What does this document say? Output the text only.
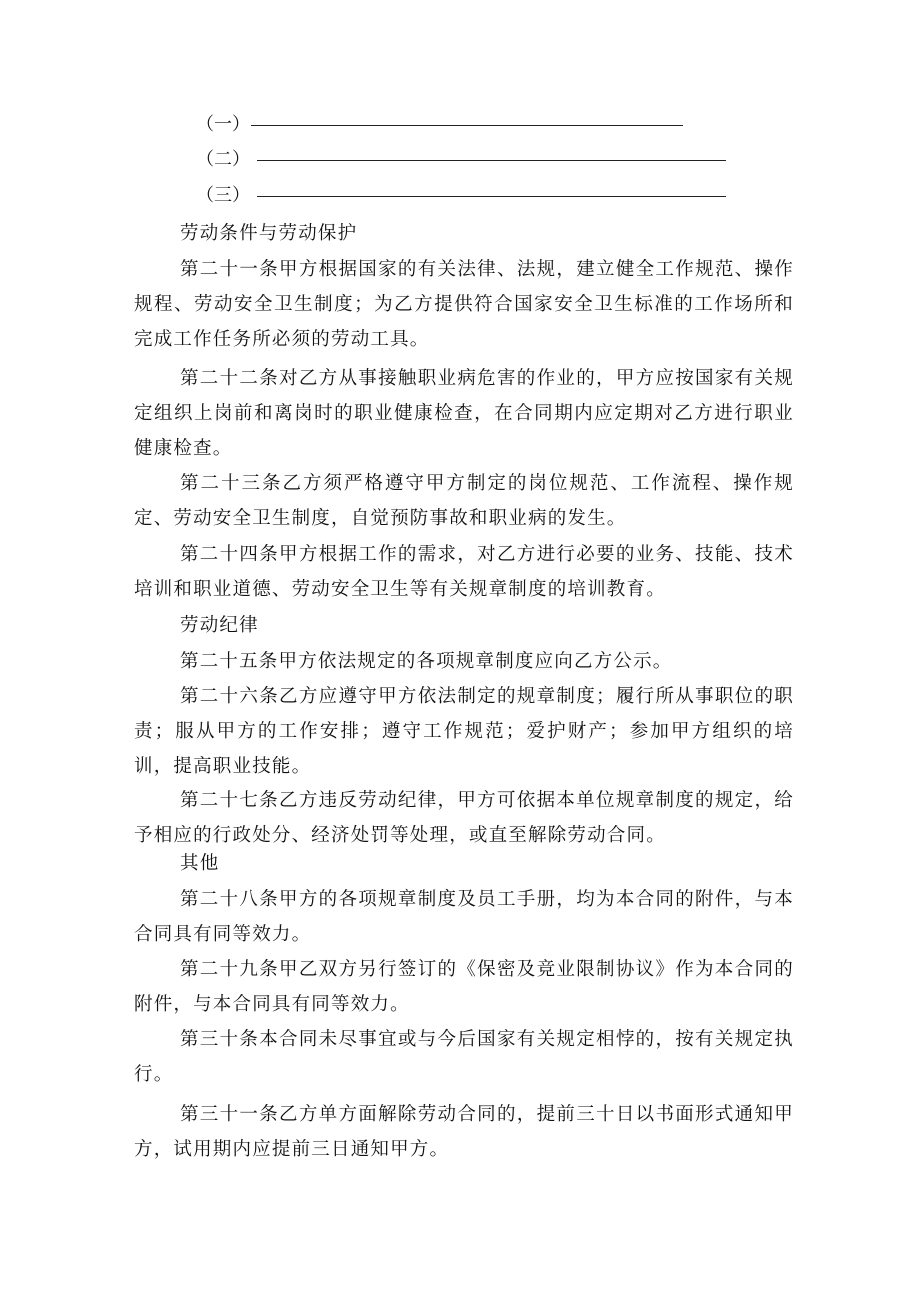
（一）
（二）
（三）

劳动条件与劳动保护

第二十一条甲方根据国家的有关法律、法规，建立健全工作规范、操作规程、劳动安全卫生制度；为乙方提供符合国家安全卫生标准的工作场所和完成工作任务所必须的劳动工具。

第二十二条对乙方从事接触职业病危害的作业的，甲方应按国家有关规定组织上岗前和离岗时的职业健康检查，在合同期内应定期对乙方进行职业健康检查。

第二十三条乙方须严格遵守甲方制定的岗位规范、工作流程、操作规定、劳动安全卫生制度，自觉预防事故和职业病的发生。

第二十四条甲方根据工作的需求，对乙方进行必要的业务、技能、技术培训和职业道德、劳动安全卫生等有关规章制度的培训教育。

劳动纪律

第二十五条甲方依法规定的各项规章制度应向乙方公示。

第二十六条乙方应遵守甲方依法制定的规章制度；履行所从事职位的职责；服从甲方的工作安排；遵守工作规范；爱护财产；参加甲方组织的培训，提高职业技能。

第二十七条乙方违反劳动纪律，甲方可依据本单位规章制度的规定，给予相应的行政处分、经济处罚等处理，或直至解除劳动合同。

其他

第二十八条甲方的各项规章制度及员工手册，均为本合同的附件，与本合同具有同等效力。

第二十九条甲乙双方另行签订的《保密及竞业限制协议》作为本合同的附件，与本合同具有同等效力。

第三十条本合同未尽事宜或与今后国家有关规定相悖的，按有关规定执行。

第三十一条乙方单方面解除劳动合同的，提前三十日以书面形式通知甲方，试用期内应提前三日通知甲方。
